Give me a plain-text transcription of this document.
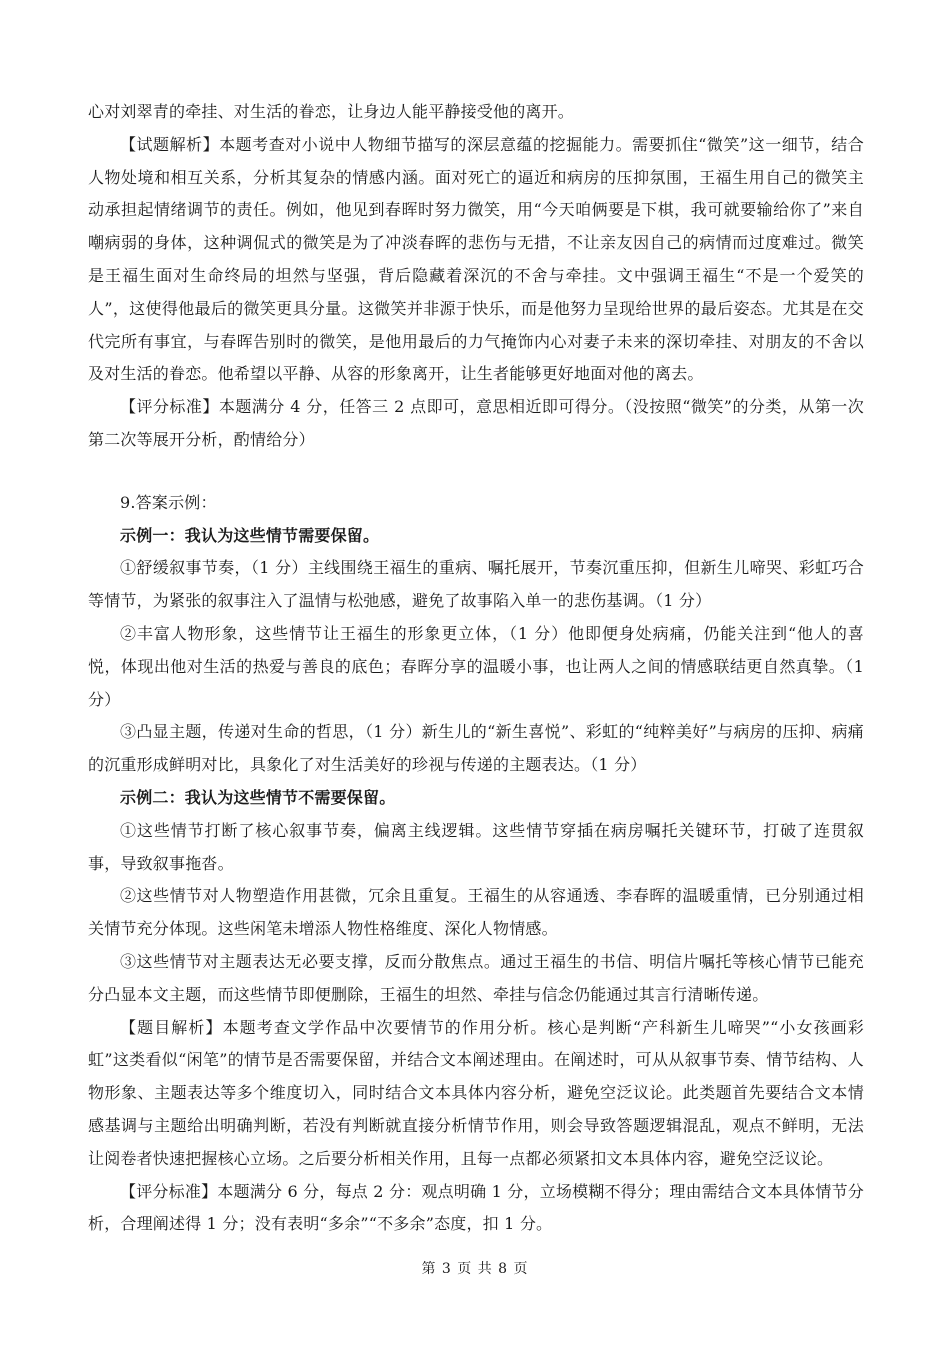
心对刘翠青的牵挂、对生活的眷恋，让身边人能平静接受他的离开。

【试题解析】本题考查对小说中人物细节描写的深层意蕴的挖掘能力。需要抓住“微笑”这一细节，结合人物处境和相互关系，分析其复杂的情感内涵。面对死亡的逼近和病房的压抑氛围，王福生用自己的微笑主动承担起情绪调节的责任。例如，他见到春晖时努力微笑，用“今天咱俩要是下棋，我可就要输给你了”来自嘲病弱的身体，这种调侃式的微笑是为了冲淡春晖的悲伤与无措，不让亲友因自己的病情而过度难过。微笑是王福生面对生命终局的坦然与坚强，背后隐藏着深沉的不舍与牵挂。文中强调王福生“不是一个爱笑的人”，这使得他最后的微笑更具分量。这微笑并非源于快乐，而是他努力呈现给世界的最后姿态。尤其是在交代完所有事宜，与春晖告别时的微笑，是他用最后的力气掩饰内心对妻子未来的深切牵挂、对朋友的不舍以及对生活的眷恋。他希望以平静、从容的形象离开，让生者能够更好地面对他的离去。

【评分标准】本题满分 4 分，任答三 2 点即可，意思相近即可得分。（没按照“微笑”的分类，从第一次第二次等展开分析，酌情给分）

9.答案示例：

示例一：我认为这些情节需要保留。

①舒缓叙事节奏，（1 分）主线围绕王福生的重病、嘱托展开，节奏沉重压抑，但新生儿啼哭、彩虹巧合等情节，为紧张的叙事注入了温情与松弛感，避免了故事陷入单一的悲伤基调。（1 分）

②丰富人物形象，这些情节让王福生的形象更立体，（1 分）他即便身处病痛，仍能关注到“他人的喜悦，体现出他对生活的热爱与善良的底色；春晖分享的温暖小事，也让两人之间的情感联结更自然真挚。（1 分）

③凸显主题，传递对生命的哲思，（1 分）新生儿的“新生喜悦”、彩虹的“纯粹美好”与病房的压抑、病痛的沉重形成鲜明对比，具象化了对生活美好的珍视与传递的主题表达。（1 分）

示例二：我认为这些情节不需要保留。

①这些情节打断了核心叙事节奏，偏离主线逻辑。这些情节穿插在病房嘱托关键环节，打破了连贯叙事，导致叙事拖沓。

②这些情节对人物塑造作用甚微，冗余且重复。王福生的从容通透、李春晖的温暖重情，已分别通过相关情节充分体现。这些闲笔未增添人物性格维度、深化人物情感。

③这些情节对主题表达无必要支撑，反而分散焦点。通过王福生的书信、明信片嘱托等核心情节已能充分凸显本文主题，而这些情节即便删除，王福生的坦然、牵挂与信念仍能通过其言行清晰传递。

【题目解析】本题考查文学作品中次要情节的作用分析。核心是判断“产科新生儿啼哭”“小女孩画彩虹”这类看似“闲笔”的情节是否需要保留，并结合文本阐述理由。在阐述时，可从从叙事节奏、情节结构、人物形象、主题表达等多个维度切入，同时结合文本具体内容分析，避免空泛议论。此类题首先要结合文本情感基调与主题给出明确判断，若没有判断就直接分析情节作用，则会导致答题逻辑混乱，观点不鲜明，无法让阅卷者快速把握核心立场。之后要分析相关作用，且每一点都必须紧扣文本具体内容，避免空泛议论。

【评分标准】本题满分 6 分，每点 2 分：观点明确 1 分，立场模糊不得分；理由需结合文本具体情节分析，合理阐述得 1 分；没有表明“多余”“不多余”态度，扣 1 分。

第 3 页 共 8 页
